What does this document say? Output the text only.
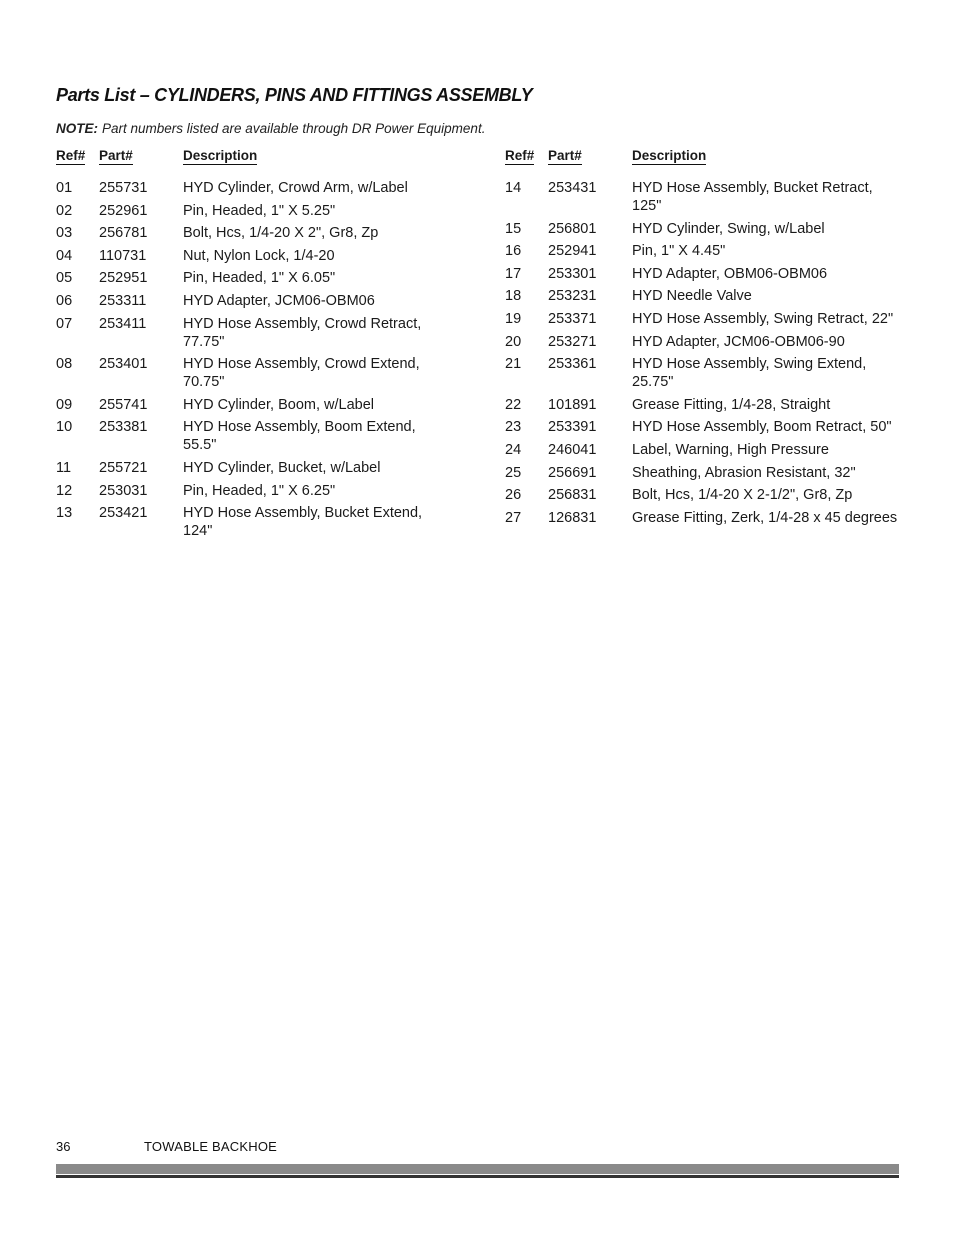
Parts List – CYLINDERS, PINS AND FITTINGS ASSEMBLY
NOTE: Part numbers listed are available through DR Power Equipment.
Ref# Part#	Description
01 255731 HYD Cylinder, Crowd Arm, w/Label
02 252961 Pin, Headed, 1" X 5.25"
03 256781 Bolt, Hcs, 1/4-20 X 2", Gr8, Zp
04 110731	Nut, Nylon Lock, 1/4-20
05 252951 Pin, Headed, 1" X 6.05"
06 253311	HYD Adapter, JCM06-OBM06
07 253411	HYD Hose Assembly, Crowd Retract, 77.75"
08 253401 HYD Hose Assembly, Crowd Extend, 70.75"
09 255741 HYD Cylinder, Boom, w/Label
10 253381 HYD Hose Assembly, Boom Extend, 55.5"
11 255721 HYD Cylinder, Bucket, w/Label
12 253031 Pin, Headed, 1" X 6.25"
13 253421 HYD Hose Assembly, Bucket Extend, 124"
Ref# Part#	Description
14 253431 HYD Hose Assembly, Bucket Retract, 125"
15 256801 HYD Cylinder, Swing, w/Label
16 252941 Pin, 1" X 4.45"
17 253301 HYD Adapter, OBM06-OBM06
18 253231 HYD Needle Valve
19 253371 HYD Hose Assembly, Swing Retract, 22"
20 253271 HYD Adapter, JCM06-OBM06-90
21 253361 HYD Hose Assembly, Swing Extend, 25.75"
22 101891 Grease Fitting, 1/4-28, Straight
23 253391 HYD Hose Assembly, Boom Retract, 50"
24 246041 Label, Warning, High Pressure
25 256691 Sheathing, Abrasion Resistant, 32"
26 256831 Bolt, Hcs, 1/4-20 X 2-1/2", Gr8, Zp
27 126831 Grease Fitting, Zerk, 1/4-28 x 45 degrees
36	TOWABLE BACKHOE
